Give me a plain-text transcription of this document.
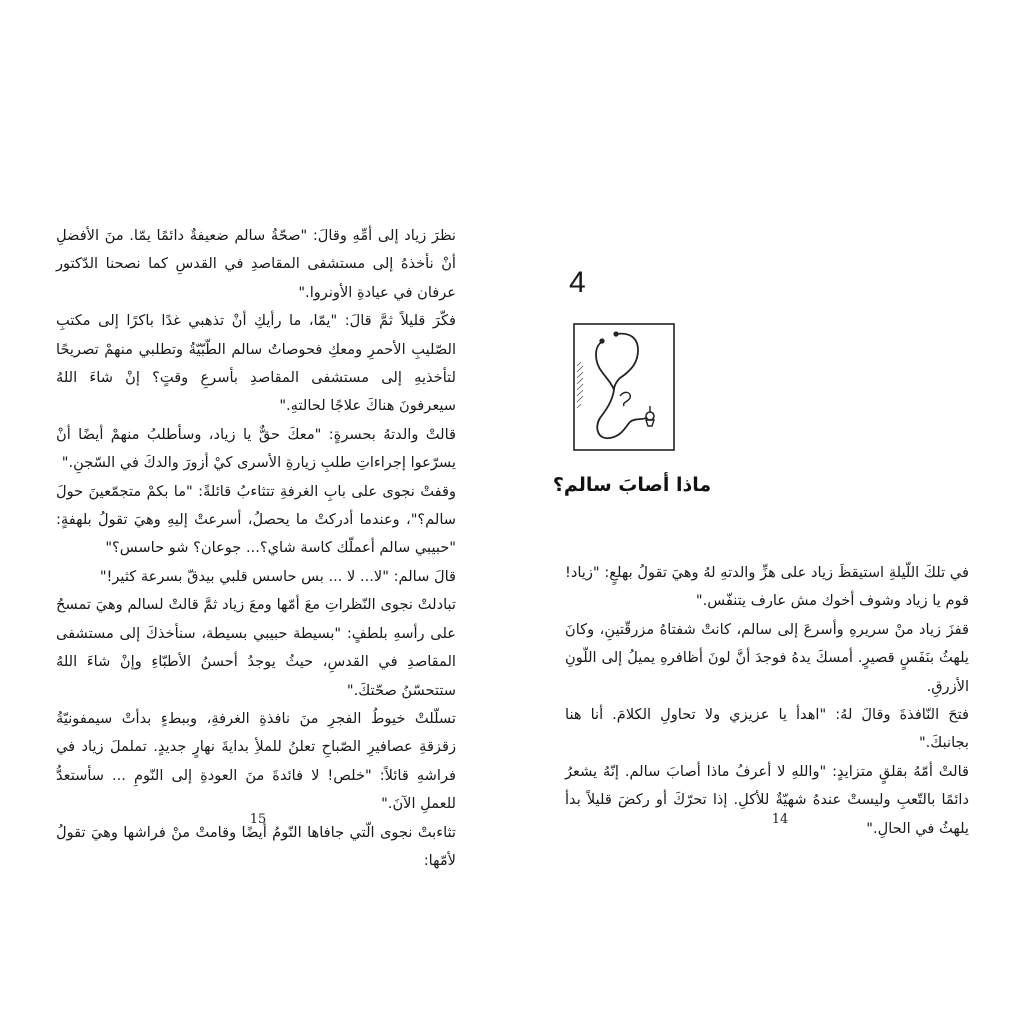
نظرَ زياد إلى أمِّهِ وقالَ: "صحّةُ سالم ضعيفةٌ دائمًا يمّا. منَ الأفضلِ أنْ نأخذهُ إلى مستشفى المقاصدِ في القدسِ كما نصحنا الدّكتور عرفان في عيادةِ الأونروا."

فكّرَ قليلاً ثمَّ قالَ: "يمّا، ما رأيكِ أنْ تذهبي غدًا باكرًا إلى مكتبِ الصّليبِ الأحمرِ ومعكِ فحوصاتُ سالم الطّبّيّةُ وتطلبي منهمْ تصريحًا لتأخذيهِ إلى مستشفى المقاصدِ بأسرعِ وقتٍ؟ إنْ شاءَ اللهُ سيعرفونَ هناكَ علاجًا لحالتهِ."

قالتْ والدتهُ بحسرةٍ: "معكَ حقٌّ يا زياد، وسأطلبُ منهمْ أيضًا أنْ يسرّعوا إجراءاتِ طلبِ زيارةِ الأسرى كيْ أزورَ والدكَ في السّجنِ."

وقفتْ نجوى على بابِ الغرفةِ تتثاءبُ قائلةً: "ما بكمْ متجمّعينَ حولَ سالم؟"، وعندما أدركتْ ما يحصلُ، أسرعتْ إليهِ وهيَ تقولُ بلهفةٍ: "حبيبي سالم أعملّك كاسة شاي؟... جوعان؟ شو حاسس؟"

قالَ سالم: "لا... لا ... بس حاسس قلبي بيدقّ بسرعة كثير!"

تبادلتْ نجوى النّظراتِ معَ أمّها ومعَ زياد ثمَّ قالتْ لسالم وهيَ تمسحُ على رأسهِ بلطفٍ: "بسيطة حبيبي بسيطة، سنأخذكَ إلى مستشفى المقاصدِ في القدسِ، حيثُ يوجدُ أحسنُ الأطبّاءِ وإنْ شاءَ اللهُ ستتحسّنُ صحّتكَ."

تسلّلتْ خيوطُ الفجرِ منَ نافذةِ الغرفةِ، وببطءٍ بدأتْ سيمفونيّةُ زقزقةِ عصافيرِ الصّباحِ تعلنُ للملأِ بدايةَ نهارٍ جديدٍ. تململَ زياد في فراشهِ قائلاً: "خلص! لا فائدةَ منَ العودةِ إلى النّومِ ... سأستعدُّ للعملِ الآنَ."

تثاءبتْ نجوى الّتي جافاها النّومُ أيضًا وقامتْ منْ فراشها وهيَ تقولُ لأمّها:

15
4
ماذا أصابَ سالم؟

في تلكَ اللّيلةِ استيقظَ زياد على هزِّ والدتهِ لهُ وهيَ تقولُ بهلعٍ: "زياد! قوم يا زياد وشوف أخوك مش عارف يتنفّس."

قفزَ زياد منْ سريرهِ وأسرعَ إلى سالم، كانتْ شفتاهُ مزرقّتينِ، وكانَ يلهثُ بنَفَسٍ قصيرٍ. أمسكَ يدهُ فوجدَ أنَّ لونَ أظافرهِ يميلُ إلى اللّونِ الأزرقِ.

فتحَ النّافذةَ وقالَ لهُ: "اهدأ يا عزيزي ولا تحاولِ الكلامَ. أنا هنا بجانبكَ."

قالتْ أمّهُ بقلقٍ متزايدٍ: "واللهِ لا أعرفُ ماذا أصابَ سالم. إنّهُ يشعرُ دائمًا بالتّعبِ وليستْ عندهُ شهيّةٌ للأكلِ. إذا تحرّكَ أو ركضَ قليلاً بدأ يلهثُ في الحالِ."

14
